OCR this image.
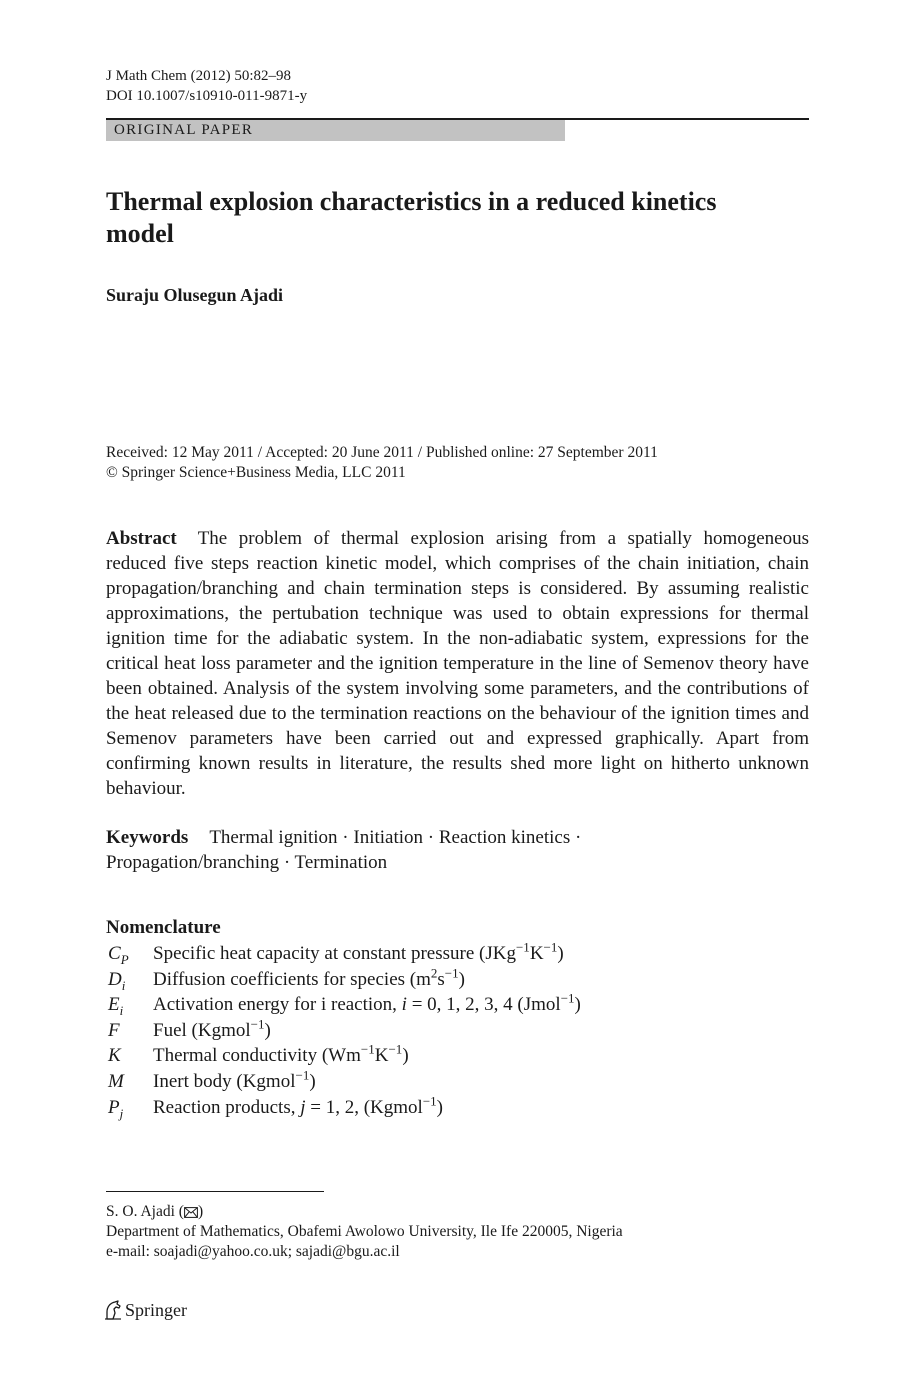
J Math Chem (2012) 50:82–98
DOI 10.1007/s10910-011-9871-y
ORIGINAL PAPER
Thermal explosion characteristics in a reduced kinetics model
Suraju Olusegun Ajadi
Received: 12 May 2011 / Accepted: 20 June 2011 / Published online: 27 September 2011
© Springer Science+Business Media, LLC 2011

Abstract The problem of thermal explosion arising from a spatially homogeneous reduced five steps reaction kinetic model, which comprises of the chain initiation, chain propagation/branching and chain termination steps is considered. By assuming realistic approximations, the pertubation technique was used to obtain expressions for thermal ignition time for the adiabatic system. In the non-adiabatic system, expressions for the critical heat loss parameter and the ignition temperature in the line of Semenov theory have been obtained. Analysis of the system involving some parameters, and the contributions of the heat released due to the termination reactions on the behaviour of the ignition times and Semenov parameters have been carried out and expressed graphically. Apart from confirming known results in literature, the results shed more light on hitherto unknown behaviour.

Keywords Thermal ignition · Initiation · Reaction kinetics · Propagation/branching · Termination

Nomenclature
$C_P$ Specific heat capacity at constant pressure $(JKg^{-1}K^{-1})$
$D_i$ Diffusion coefficients for species $(m^2s^{-1})$
$E_i$ Activation energy for i reaction, i = 0, 1, 2, 3, 4 (Jmol$^{-1}$)
F Fuel (Kgmol$^{-1}$)
K Thermal conductivity $(Wm^{-1}K^{-1})$
M Inert body (Kgmol$^{-1}$)
$P_j$ Reaction products, j = 1, 2, (Kgmol$^{-1}$)
S. O. Ajadi ( )
Department of Mathematics, Obafemi Awolowo University, Ile Ife 220005, Nigeria
e-mail: soajadi@yahoo.co.uk; sajadi@bgu.ac.il
Springer
